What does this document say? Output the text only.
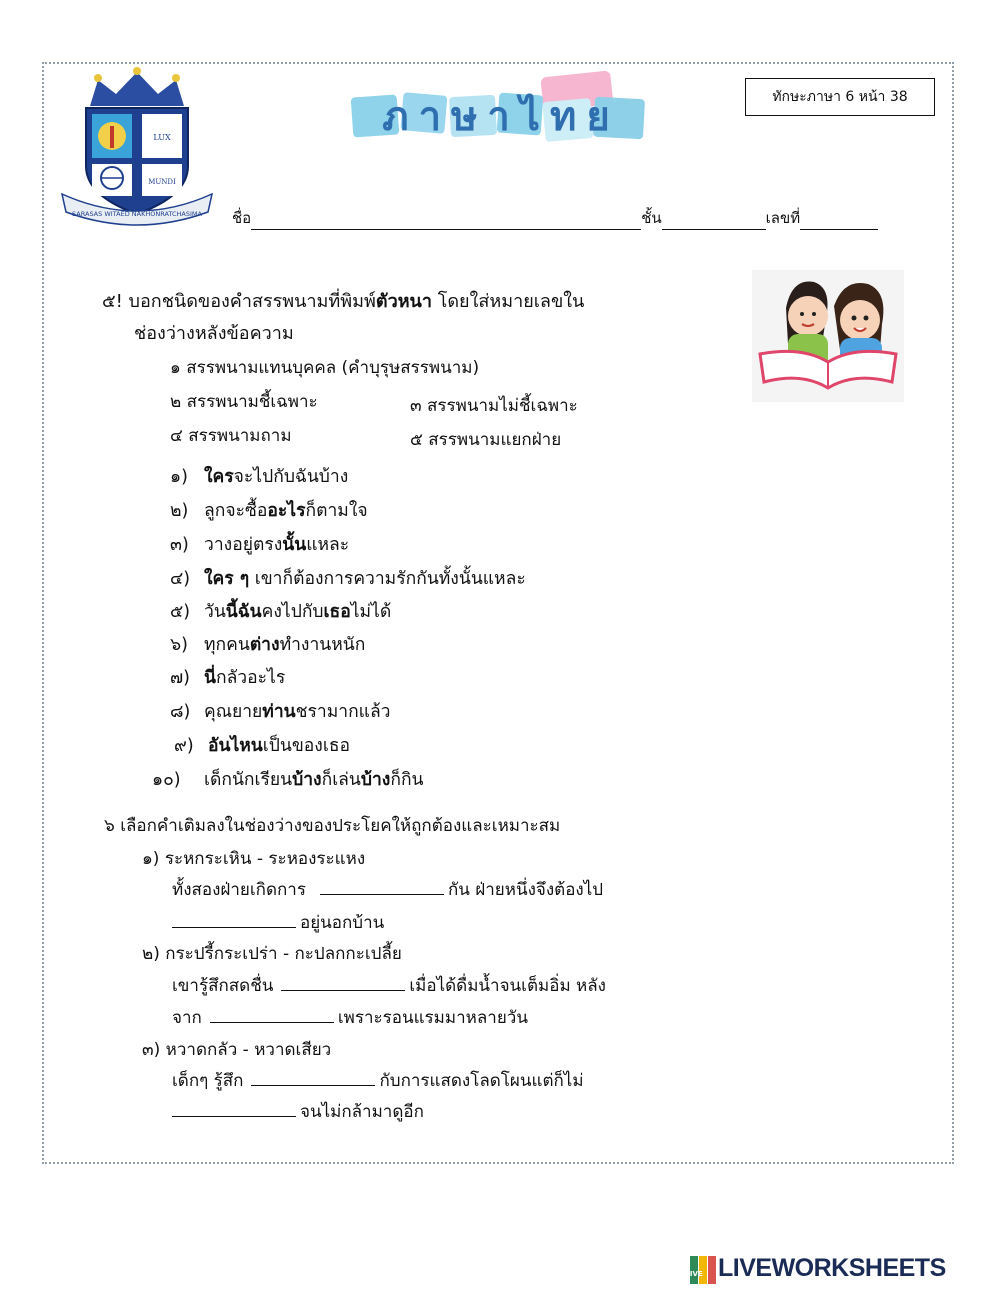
LUX
MUNDI
SARASAS WITAED NAKHONRATCHASIMA
ภาษาไทย	ทักษะภาษา 6 หน้า 38
ชื่อ	ชั้น	เลขที่
๕! บอกชนิดของคำสรรพนามที่พิมพ์ตัวหนา โดยใส่หมายเลขใน
ช่องว่างหลังข้อความ
๑ สรรพนามแทนบุคคล (คำบุรุษสรรพนาม)
๒ สรรพนามชี้เฉพาะ	๓ สรรพนามไม่ชี้เฉพาะ
๔ สรรพนามถาม	๕ สรรพนามแยกฝ่าย
๑) ใครจะไปกับฉันบ้าง
๒) ลูกจะซื้ออะไรก็ตามใจ
๓) วางอยู่ตรงนั้นแหละ
๔) ใคร ๆ เขาก็ต้องการความรักกันทั้งนั้นแหละ
๕) วันนี้ฉันคงไปกับเธอไม่ได้
๖) ทุกคนต่างทำงานหนัก
๗) นี่กลัวอะไร
๘) คุณยายท่านชรามากแล้ว
๙) อันไหนเป็นของเธอ
๑๐) เด็กนักเรียนบ้างก็เล่นบ้างก็กิน
๖ เลือกคำเติมลงในช่องว่างของประโยคให้ถูกต้องและเหมาะสม
๑) ระหกระเหิน - ระหองระแหง
ทั้งสองฝ่ายเกิดการ	กัน ฝ่ายหนึ่งจึงต้องไป
อยู่นอกบ้าน
๒) กระปรี้กระเปร่า - กะปลกกะเปลี้ย
เขารู้สึกสดชื่น	เมื่อได้ดื่มน้ำจนเต็มอิ่ม หลัง
จาก	เพราะรอนแรมมาหลายวัน
๓) หวาดกลัว - หวาดเสียว
เด็กๆ รู้สึก	กับการแสดงโลดโผนแต่ก็ไม่
จนไม่กล้ามาดูอีก
LIVE LIVEWORKSHEETS
